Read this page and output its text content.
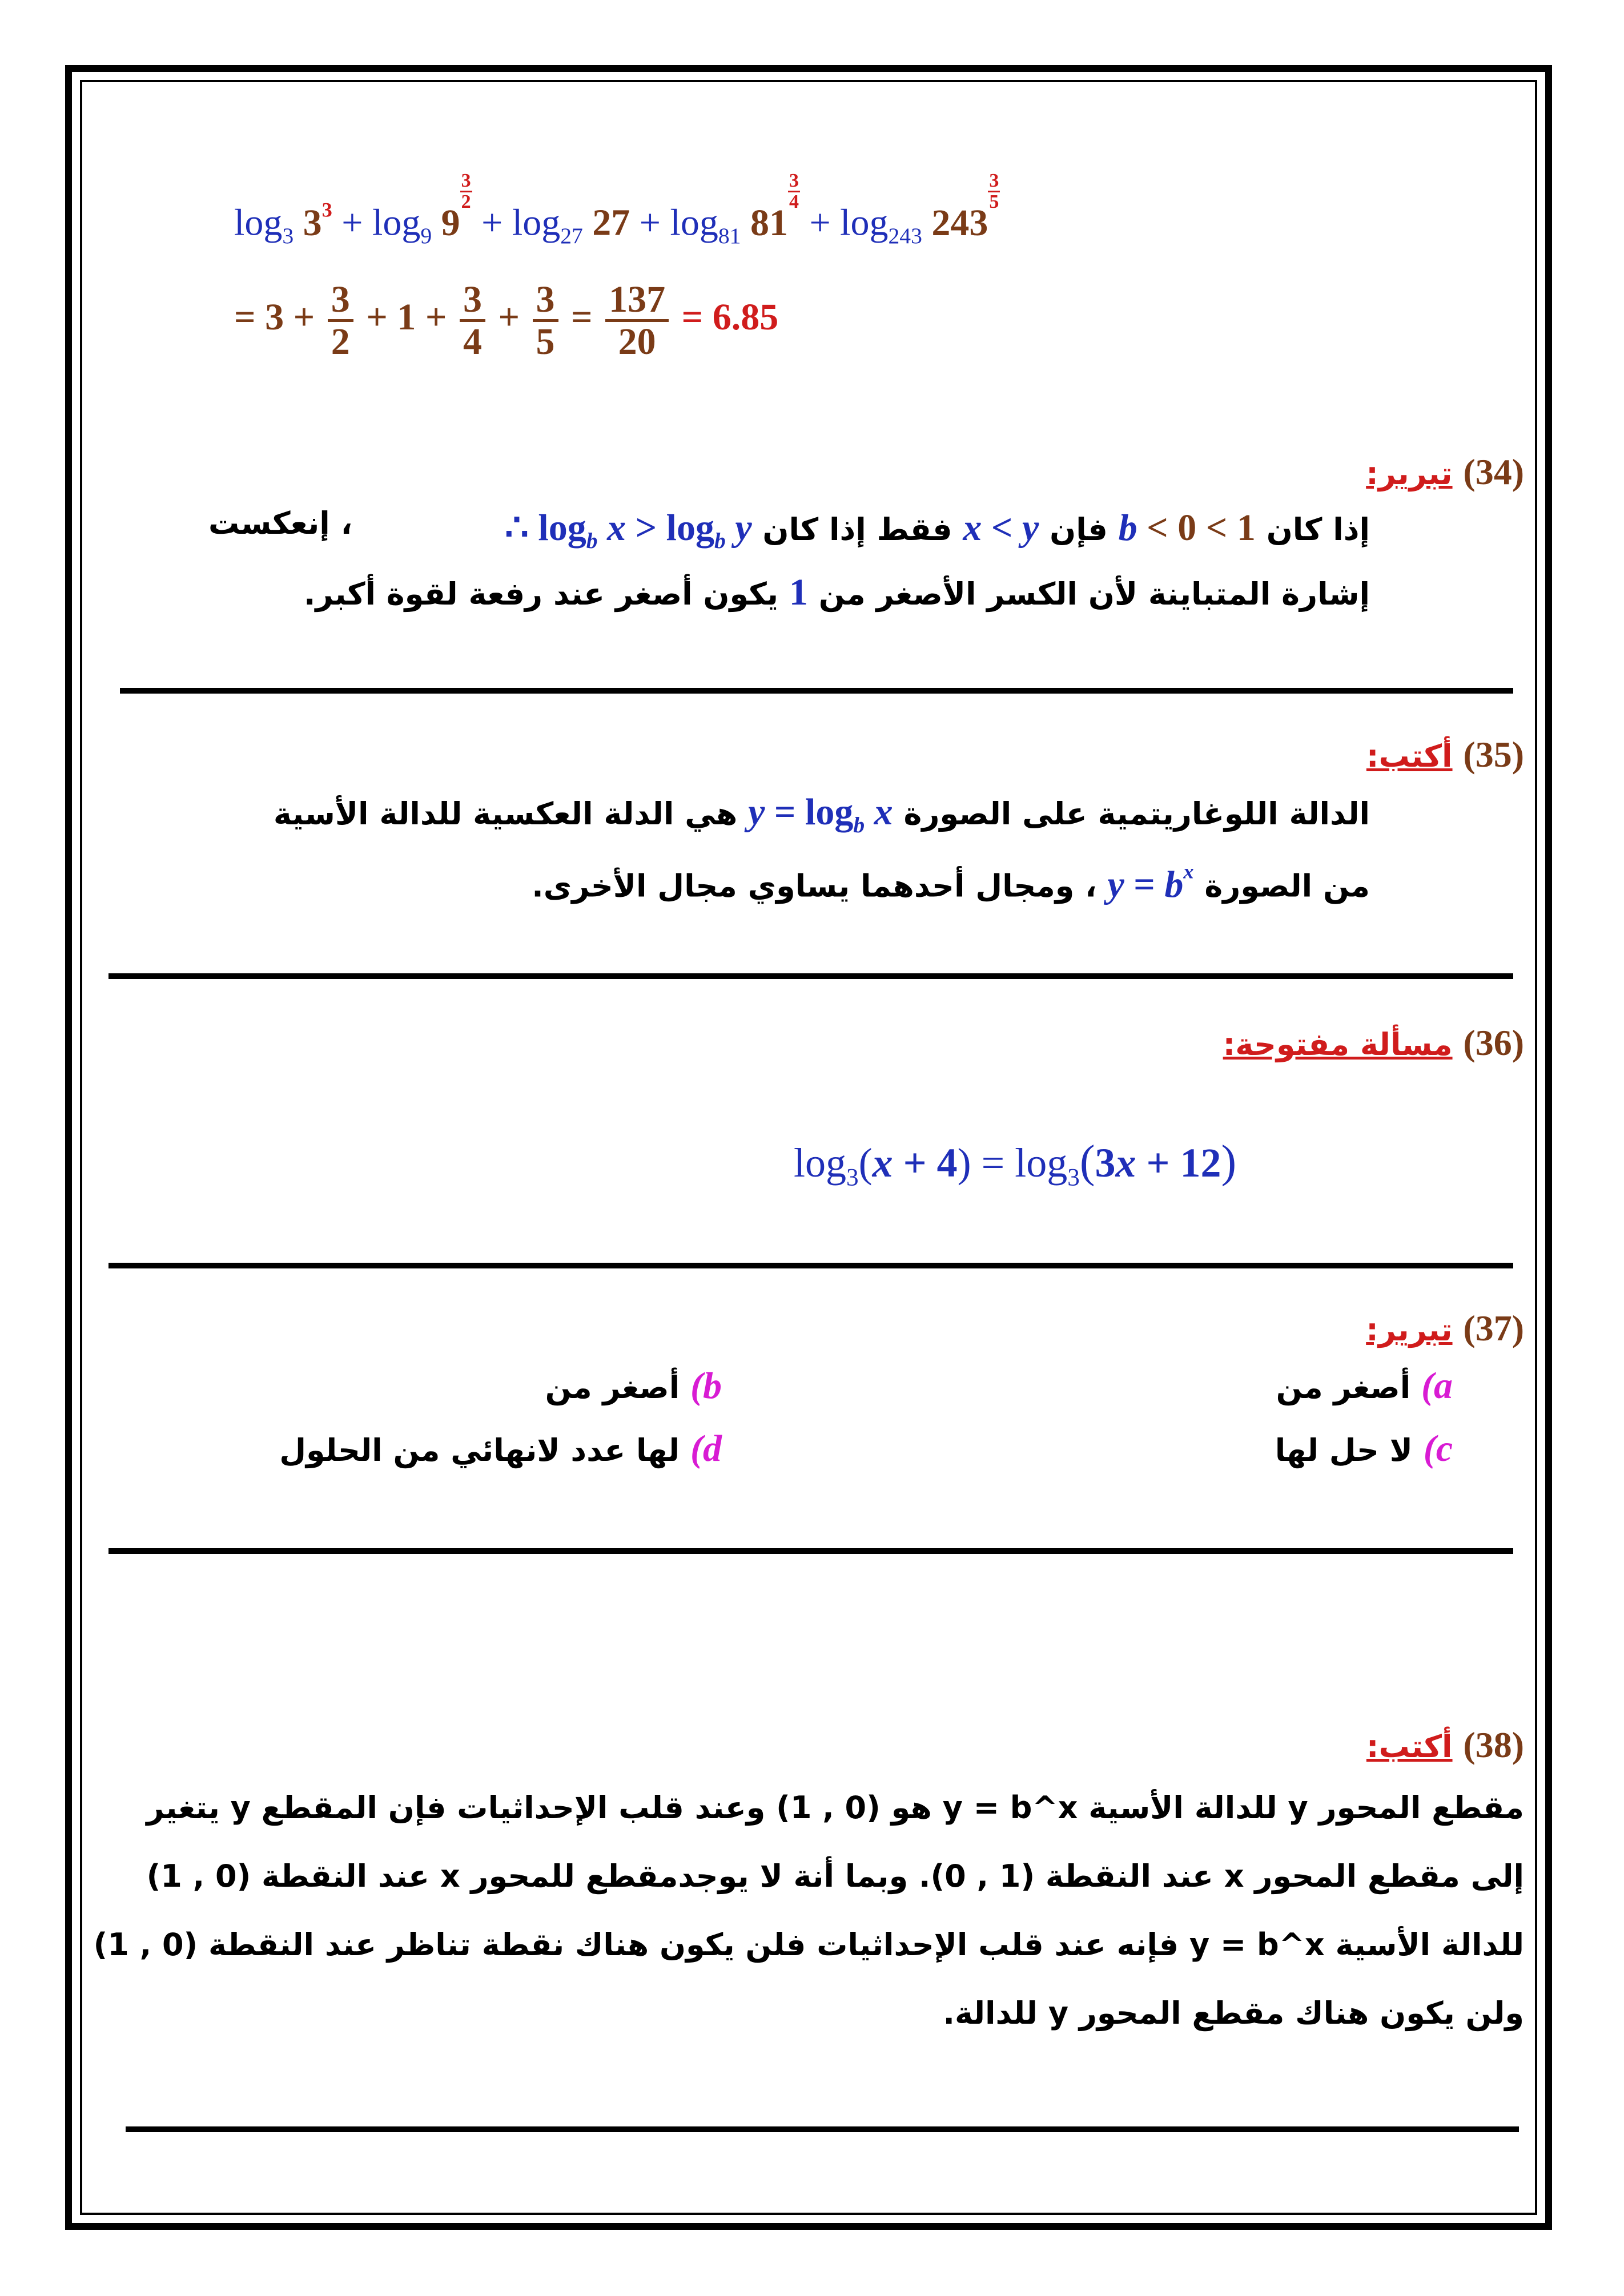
$\log_3 3^3 + \log_9 9$
$\frac{3}{2}$
+ $\log_{27} 27 + \log_{81} 81$
$\frac{3}{4}$
+ $\log_{243} 243$
$\frac{3}{5}$
= $3 + \frac{3}{2} + 1 + \frac{3}{4} + \frac{3}{5} = \frac{137}{20} = 6.85$
(34) تبرير:
إذا كان 1 > b < 0 فإن x < y فقط إذا كان ∴ $\log_b x > \log_b y$
، إنعكست
إشارة المتباينة لأن الكسر الأصغر من 1 يكون أصغر عند رفعة لقوة أكبر.
(35) أكتب:
الدالة اللوغاريتمية على الصورة $y = \log_b x$ هي الدلة العكسية للدالة الأسية
من الصورة $y = b^x$ ، ومجال أحدهما يساوي مجال الأخرى.
(36) مسألة مفتوحة:
$\log_3(x + 4) = \log_3(3x + 12)$
(37) تبرير:
a) أصغر من
b) أصغر من
c) لا حل لها
d) لها عدد لانهائي من الحلول
(38) أكتب:
مقطع المحور y للدالة الأسية y = b^x هو (0 , 1) وعند قلب الإحداثيات فإن المقطع y يتغير
إلى مقطع المحور x عند النقطة (1 , 0). وبما أنة لا يوجدمقطع للمحور x عند النقطة (0 , 1)
للدالة الأسية y = b^x فإنه عند قلب الإحداثيات فلن يكون هناك نقطة تناظر عند النقطة (0 , 1)
ولن يكون هناك مقطع المحور y للدالة.
